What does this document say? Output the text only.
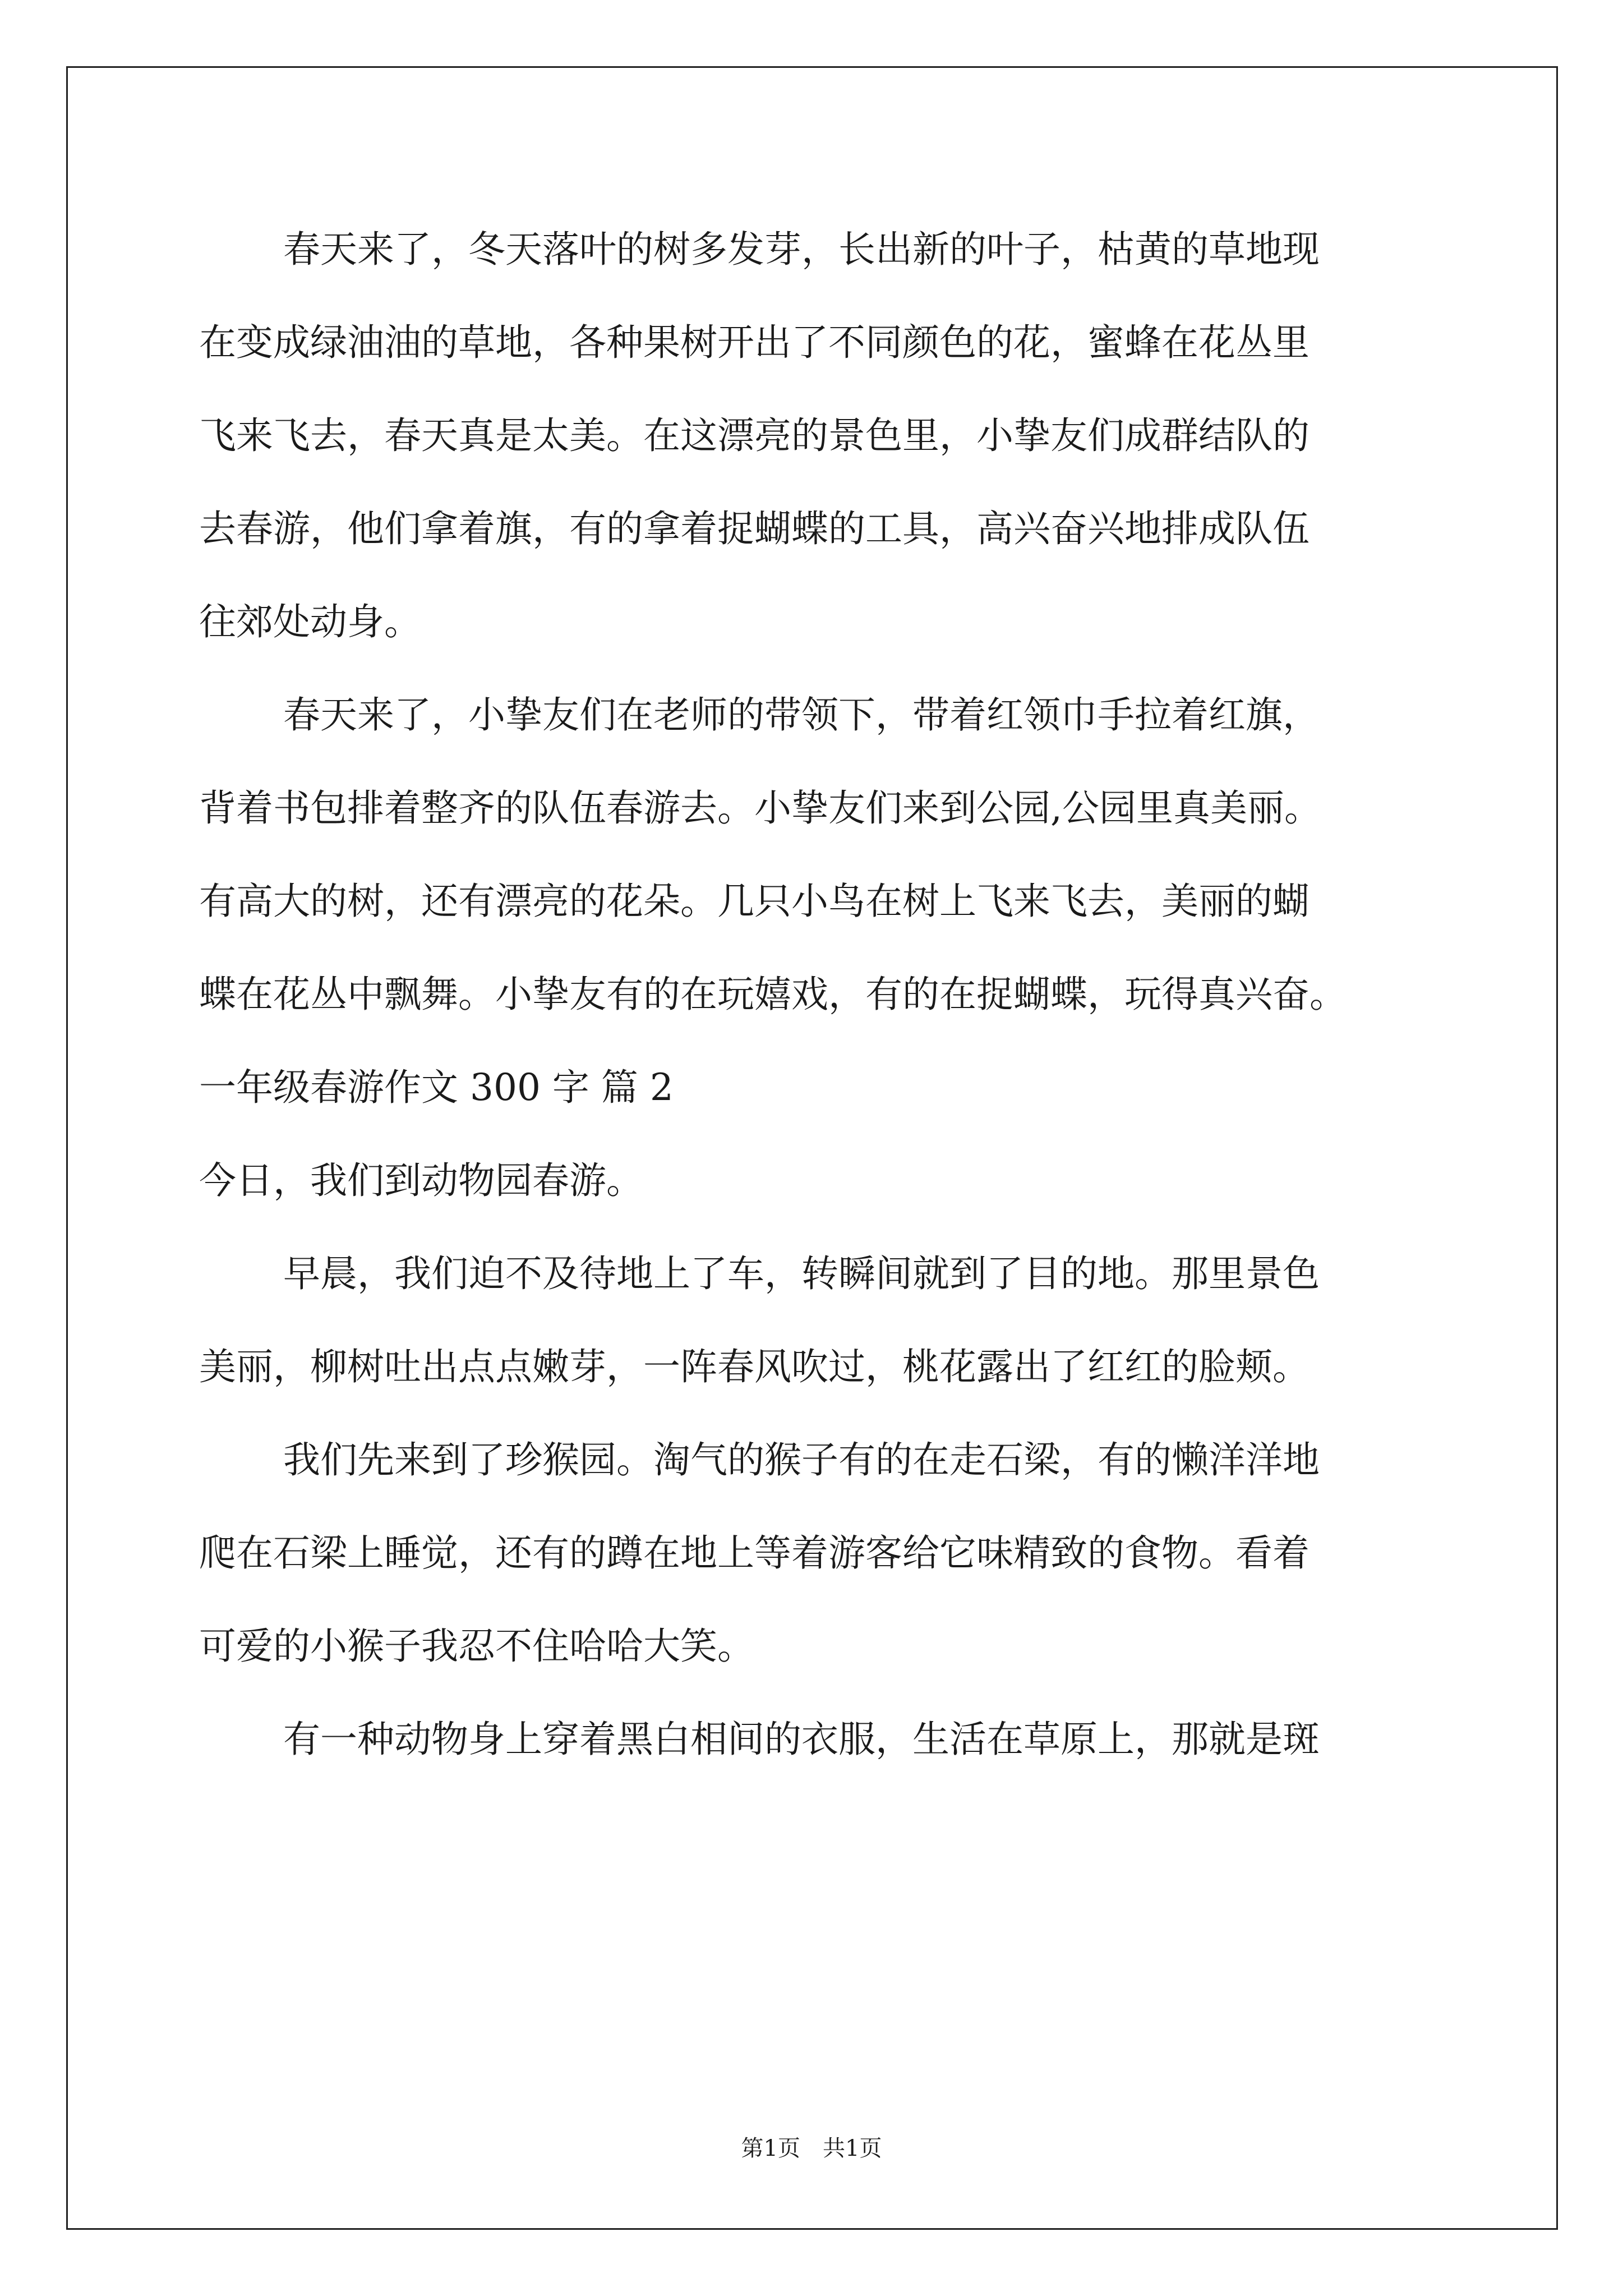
春天来了，冬天落叶的树多发芽，长出新的叶子，枯黄的草地现
在变成绿油油的草地，各种果树开出了不同颜色的花，蜜蜂在花丛里
飞来飞去，春天真是太美。在这漂亮的景色里，小挚友们成群结队的
去春游，他们拿着旗，有的拿着捉蝴蝶的工具，高兴奋兴地排成队伍
往郊处动身。
春天来了，小挚友们在老师的带领下，带着红领巾手拉着红旗，
背着书包排着整齐的队伍春游去。小挚友们来到公园,公园里真美丽。
有高大的树，还有漂亮的花朵。几只小鸟在树上飞来飞去，美丽的蝴
蝶在花丛中飘舞。小挚友有的在玩嬉戏，有的在捉蝴蝶，玩得真兴奋。
一年级春游作文 300 字 篇 2
今日，我们到动物园春游。
早晨，我们迫不及待地上了车，转瞬间就到了目的地。那里景色
美丽，柳树吐出点点嫩芽，一阵春风吹过，桃花露出了红红的脸颊。
我们先来到了珍猴园。淘气的猴子有的在走石梁，有的懒洋洋地
爬在石梁上睡觉，还有的蹲在地上等着游客给它味精致的食物。看着
可爱的小猴子我忍不住哈哈大笑。
有一种动物身上穿着黑白相间的衣服，生活在草原上，那就是斑
第1页 共1页
